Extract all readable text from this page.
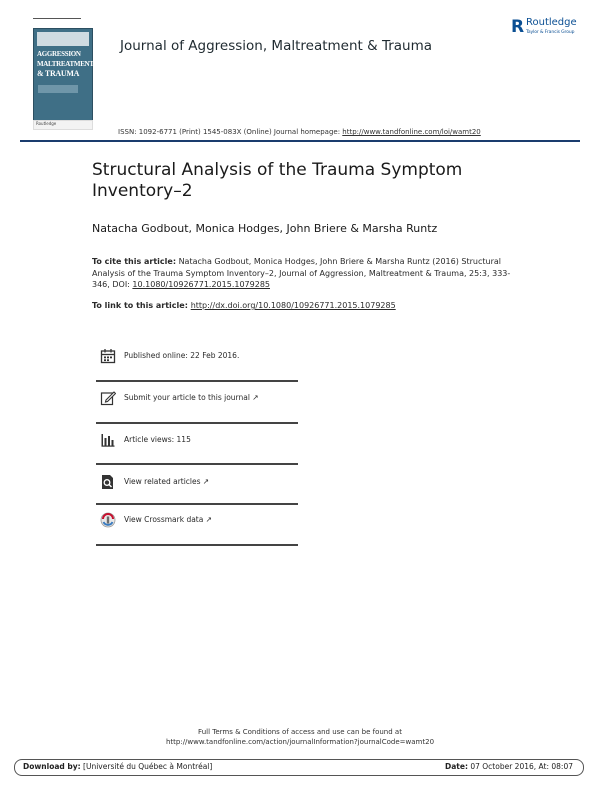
AGGRESSION
MALTREATMENT
& TRAUMA
Routledge
Journal of Aggression, Maltreatment & Trauma
R Routledge
Taylor & Francis Group
ISSN: 1092-6771 (Print) 1545-083X (Online) Journal homepage: http://www.tandfonline.com/loi/wamt20
Structural Analysis of the Trauma Symptom Inventory–2
Natacha Godbout, Monica Hodges, John Briere & Marsha Runtz
To cite this article: Natacha Godbout, Monica Hodges, John Briere & Marsha Runtz (2016) Structural Analysis of the Trauma Symptom Inventory–2, Journal of Aggression, Maltreatment & Trauma, 25:3, 333-346, DOI: 10.1080/10926771.2015.1079285
To link to this article: http://dx.doi.org/10.1080/10926771.2015.1079285
Published online: 22 Feb 2016.
Submit your article to this journal ↗
Article views: 115
View related articles ↗
View Crossmark data ↗
Full Terms & Conditions of access and use can be found at
http://www.tandfonline.com/action/journalInformation?journalCode=wamt20
Download by: [Université du Québec à Montréal]	Date: 07 October 2016, At: 08:07
